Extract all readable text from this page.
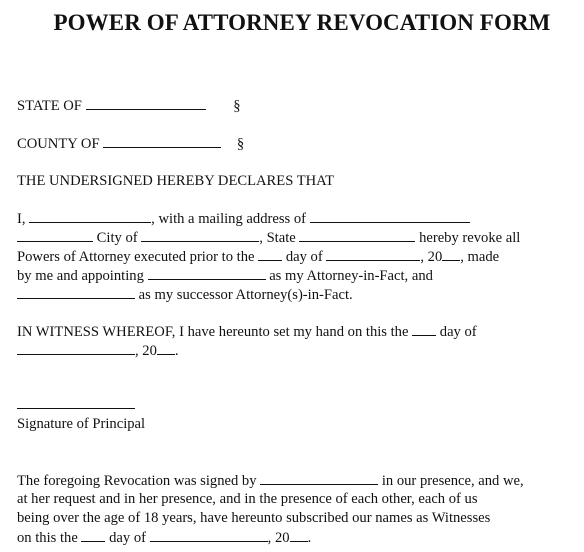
POWER OF ATTORNEY REVOCATION FORM
STATE OF	§
COUNTY OF	§
THE UNDERSIGNED HEREBY DECLARES THAT
I,	, with a mailing address of
City of	, State	hereby revoke all
Powers of Attorney executed prior to the day of	, 20 , made
by me and appointing	as my Attorney-in-Fact, and
as my successor Attorney(s)-in-Fact.
IN WITNESS WHEREOF, I have hereunto set my hand on this the day of
, 20 .
Signature of Principal
The foregoing Revocation was signed by	in our presence, and we,
at her request and in her presence, and in the presence of each other, each of us
being over the age of 18 years, have hereunto subscribed our names as Witnesses
on this the day of	, 20 .
